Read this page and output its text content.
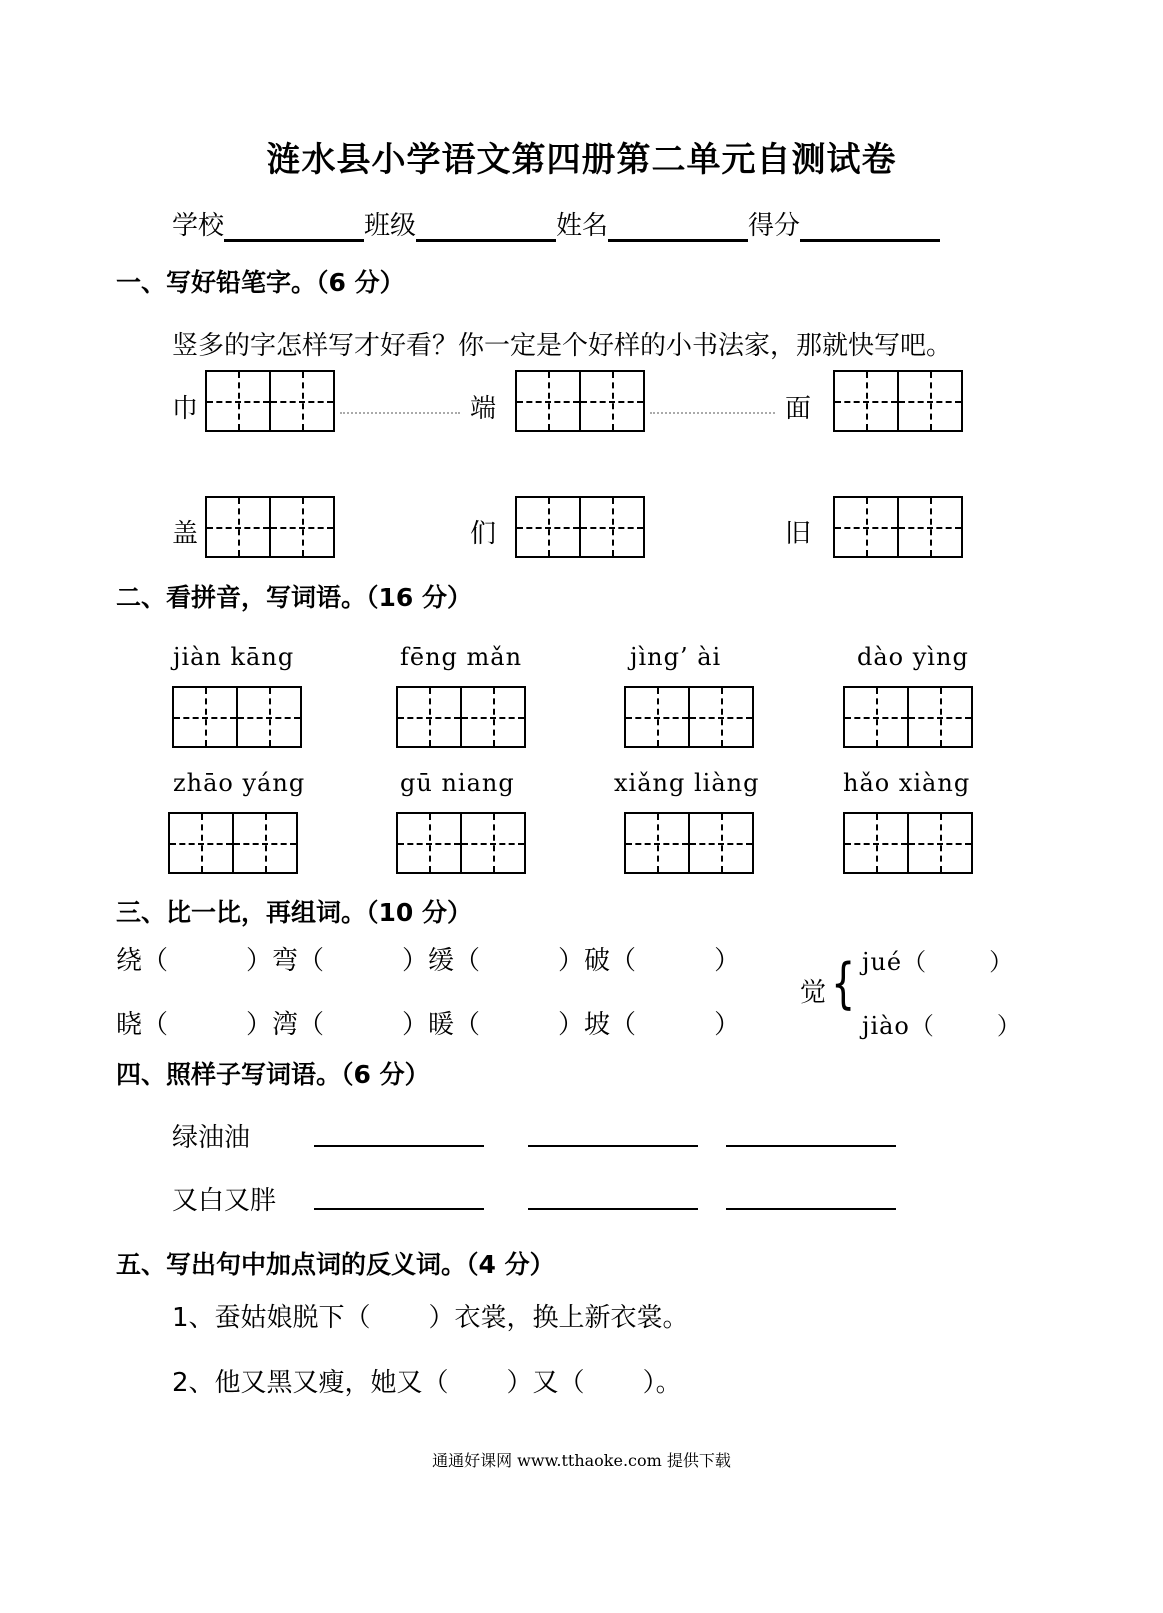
涟水县小学语文第四册第二单元自测试卷
学校	班级	姓名	得分
一、写好铅笔字。（6 分）
竖多的字怎样写才好看？你一定是个好样的小书法家，那就快写吧。
巾	端	面
盖	们	旧
二、看拼音，写词语。（16 分）
jiàn kāng	fēng mǎn	jìng’ ài	dào yìng
zhāo yáng	gū niang	xiǎng liàng	hǎo xiàng
三、比一比，再组词。（10 分）
绕（	）弯（	）缓（	）破（	）
晓（	）湾（	）暖（	）坡（	）
觉 { jué（	）
jiào（	）
四、照样子写词语。（6 分）
绿油油
又白又胖
五、写出句中加点词的反义词。（4 分）
1、蚕姑娘脱下（ ）衣裳，换上新衣裳。
2、他又黑又瘦，她又（ ）又（ ）。
通通好课网 www.tthaoke.com 提供下载
